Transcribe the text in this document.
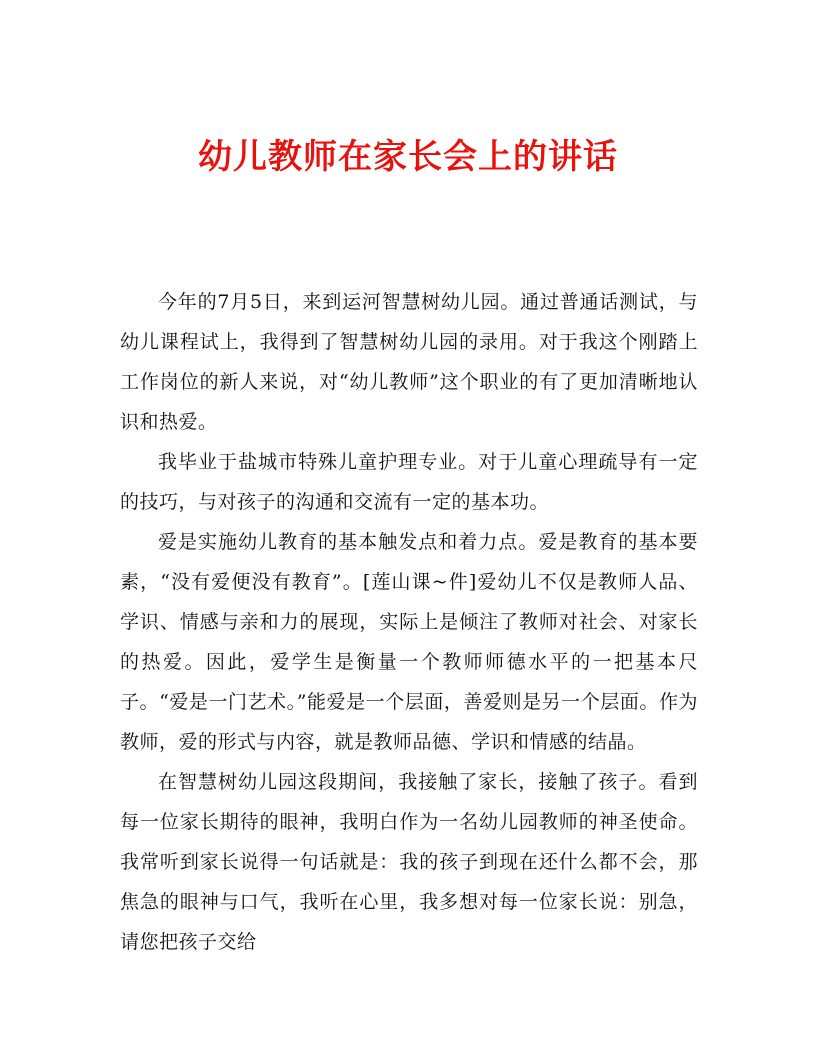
幼儿教师在家长会上的讲话

今年的7月5日，来到运河智慧树幼儿园。通过普通话测试，与幼儿课程试上，我得到了智慧树幼儿园的录用。对于我这个刚踏上工作岗位的新人来说，对“幼儿教师”这个职业的有了更加清晰地认识和热爱。

我毕业于盐城市特殊儿童护理专业。对于儿童心理疏导有一定的技巧，与对孩子的沟通和交流有一定的基本功。

爱是实施幼儿教育的基本触发点和着力点。爱是教育的基本要素，“没有爱便没有教育”。[莲山课~件]爱幼儿不仅是教师人品、学识、情感与亲和力的展现，实际上是倾注了教师对社会、对家长的热爱。因此，爱学生是衡量一个教师师德水平的一把基本尺子。“爱是一门艺术。”能爱是一个层面，善爱则是另一个层面。作为教师，爱的形式与内容，就是教师品德、学识和情感的结晶。

在智慧树幼儿园这段期间，我接触了家长，接触了孩子。看到每一位家长期待的眼神，我明白作为一名幼儿园教师的神圣使命。我常听到家长说得一句话就是：我的孩子到现在还什么都不会，那焦急的眼神与口气，我听在心里，我多想对每一位家长说：别急，请您把孩子交给
